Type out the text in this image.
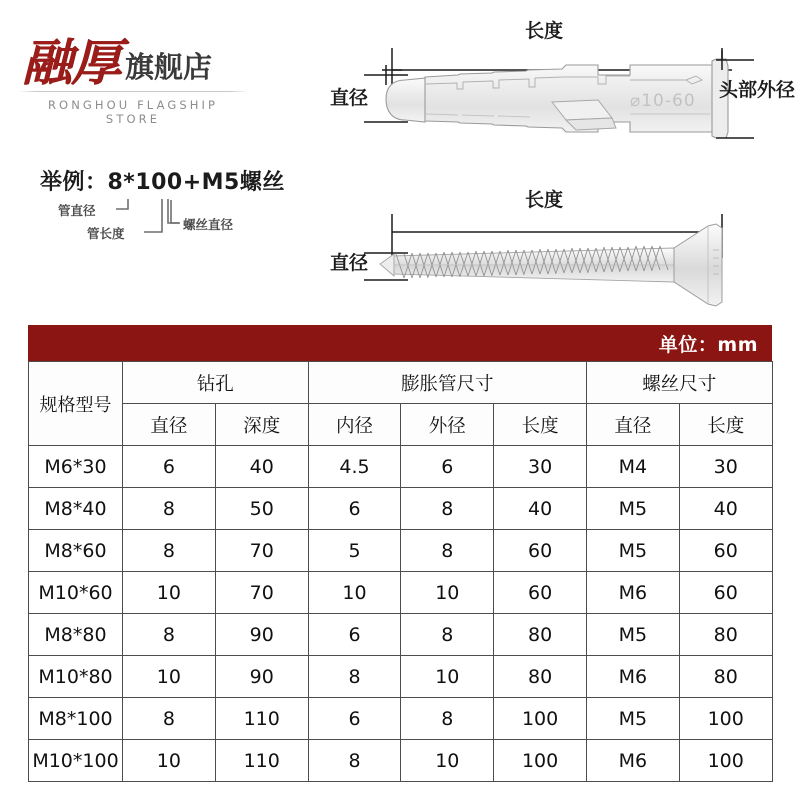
融厚 旗舰店
RONGHOU FLAGSHIP STORE
举例：8*100+M5螺丝
管直径
管长度
螺丝直径
⌀10-60
长度
直径	头部外径
长度
直径
单位：mm
规格型号	钻孔		膨胀管尺寸			螺丝尺寸	
	直径	深度	内径	外径	长度	直径	长度
M6*30	6	40	4.5	6	30	M4	30
M8*40	8	50	6	8	40	M5	40
M8*60	8	70	5	8	60	M5	60
M10*60	10	70	10	10	60	M6	60
M8*80	8	90	6	8	80	M5	80
M10*80	10	90	8	10	80	M6	80
M8*100	8	110	6	8	100	M5	100
M10*100	10	110	8	10	100	M6	100
